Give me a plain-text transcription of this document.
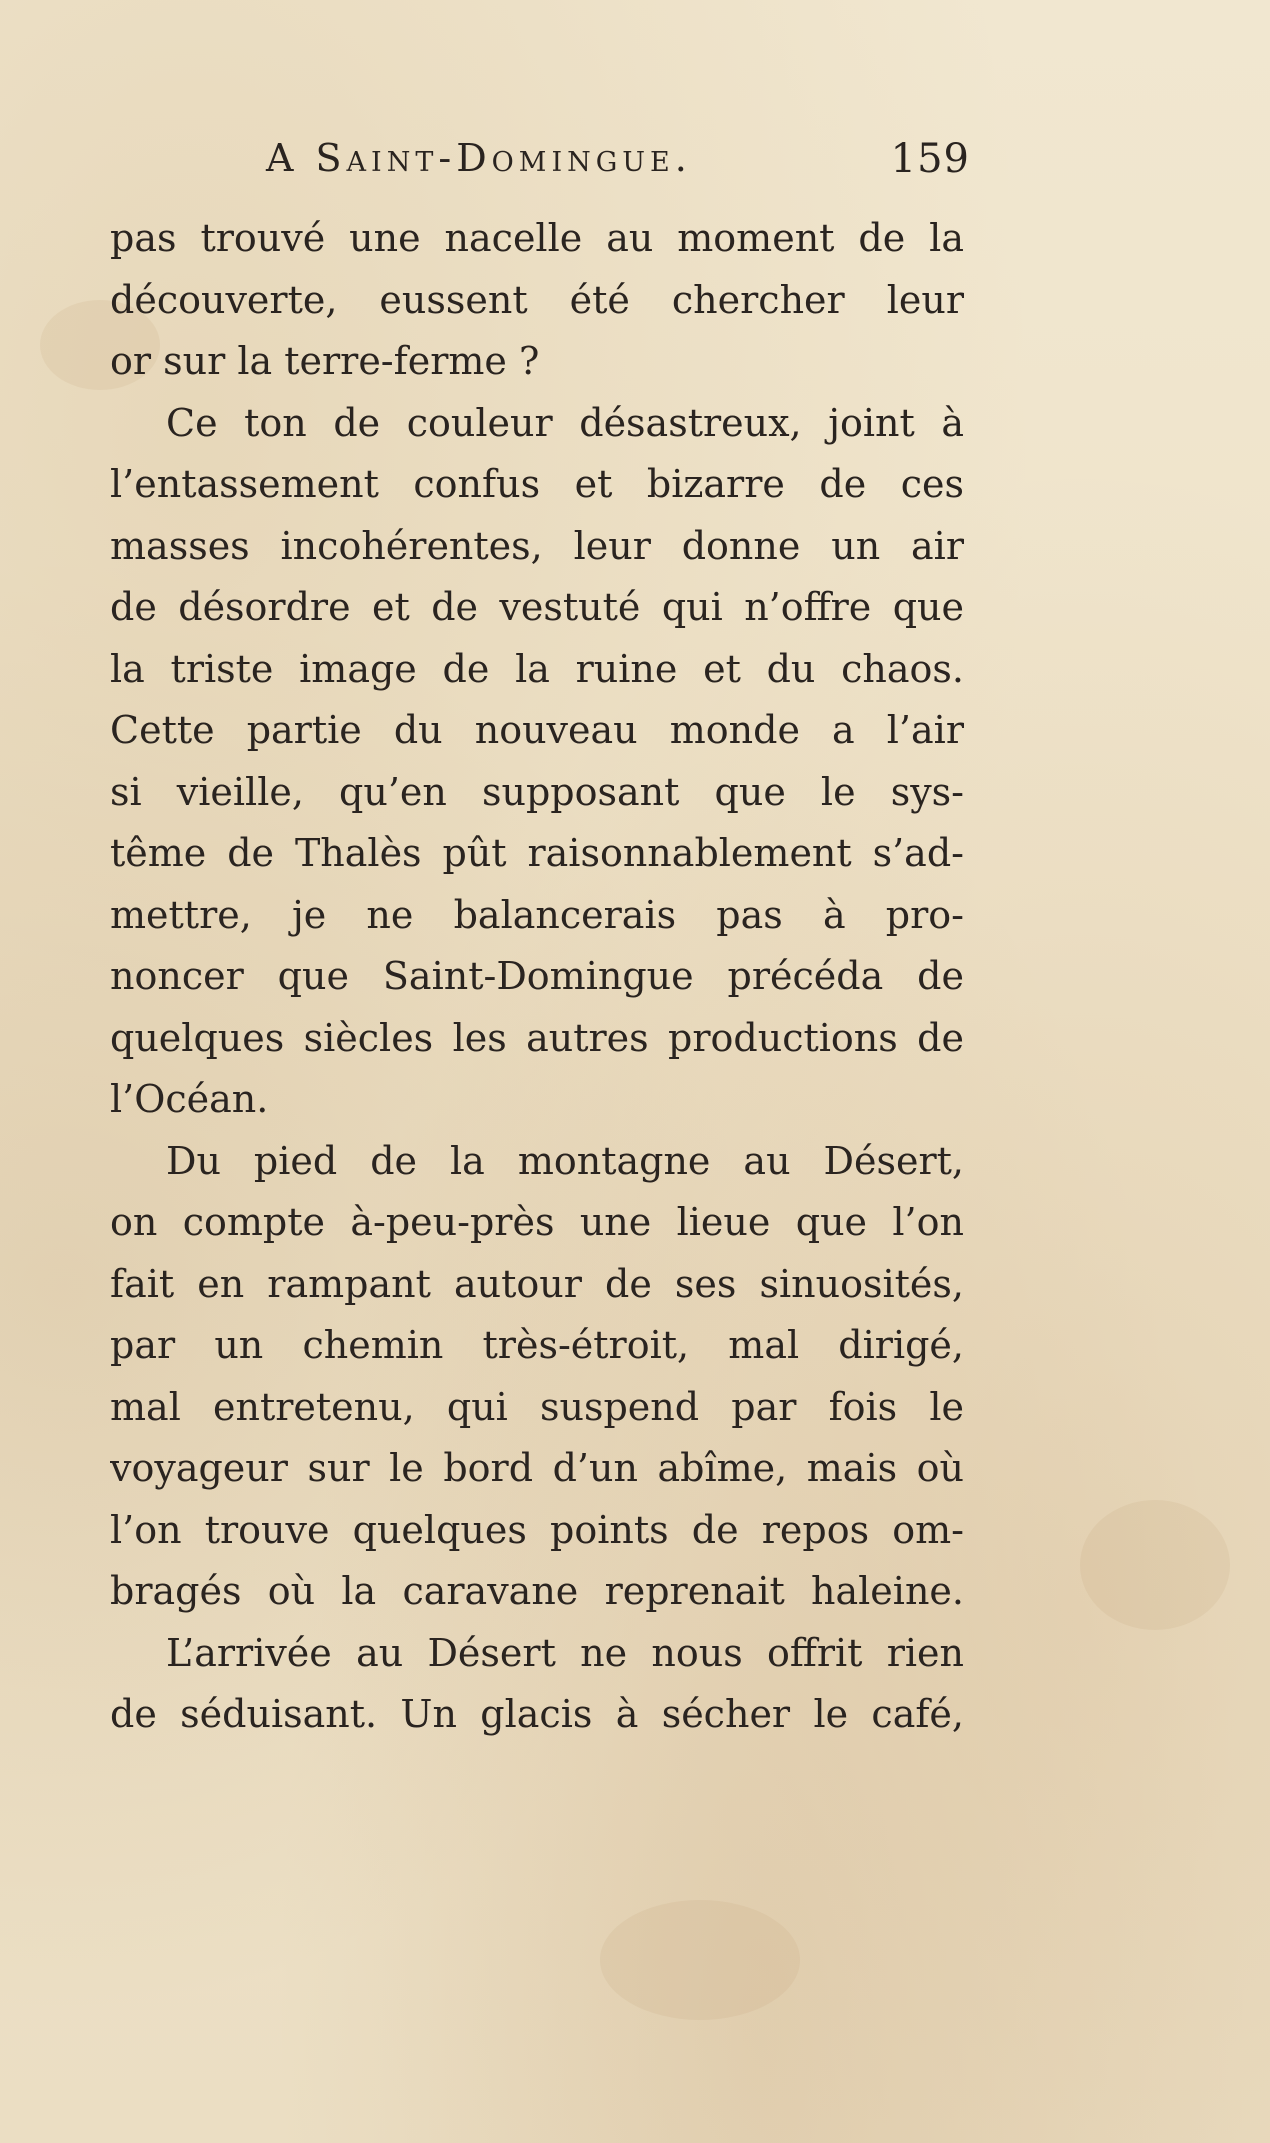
A Saint-Domingue.	159
pas trouvé une nacelle au moment de la
découverte, eussent été chercher leur
or sur la terre-ferme ?
Ce ton de couleur désastreux, joint à
l’entassement confus et bizarre de ces
masses incohérentes, leur donne un air
de désordre et de vestuté qui n’offre que
la triste image de la ruine et du chaos.
Cette partie du nouveau monde a l’air
si vieille, qu’en supposant que le sys-
tême de Thalès pût raisonnablement s’ad-
mettre, je ne balancerais pas à pro-
noncer que Saint-Domingue précéda de
quelques siècles les autres productions de
l’Océan.
Du pied de la montagne au Désert,
on compte à-peu-près une lieue que l’on
fait en rampant autour de ses sinuosités,
par un chemin très-étroit, mal dirigé,
mal entretenu, qui suspend par fois le
voyageur sur le bord d’un abîme, mais où
l’on trouve quelques points de repos om-
bragés où la caravane reprenait haleine.
L’arrivée au Désert ne nous offrit rien
de séduisant. Un glacis à sécher le café,
